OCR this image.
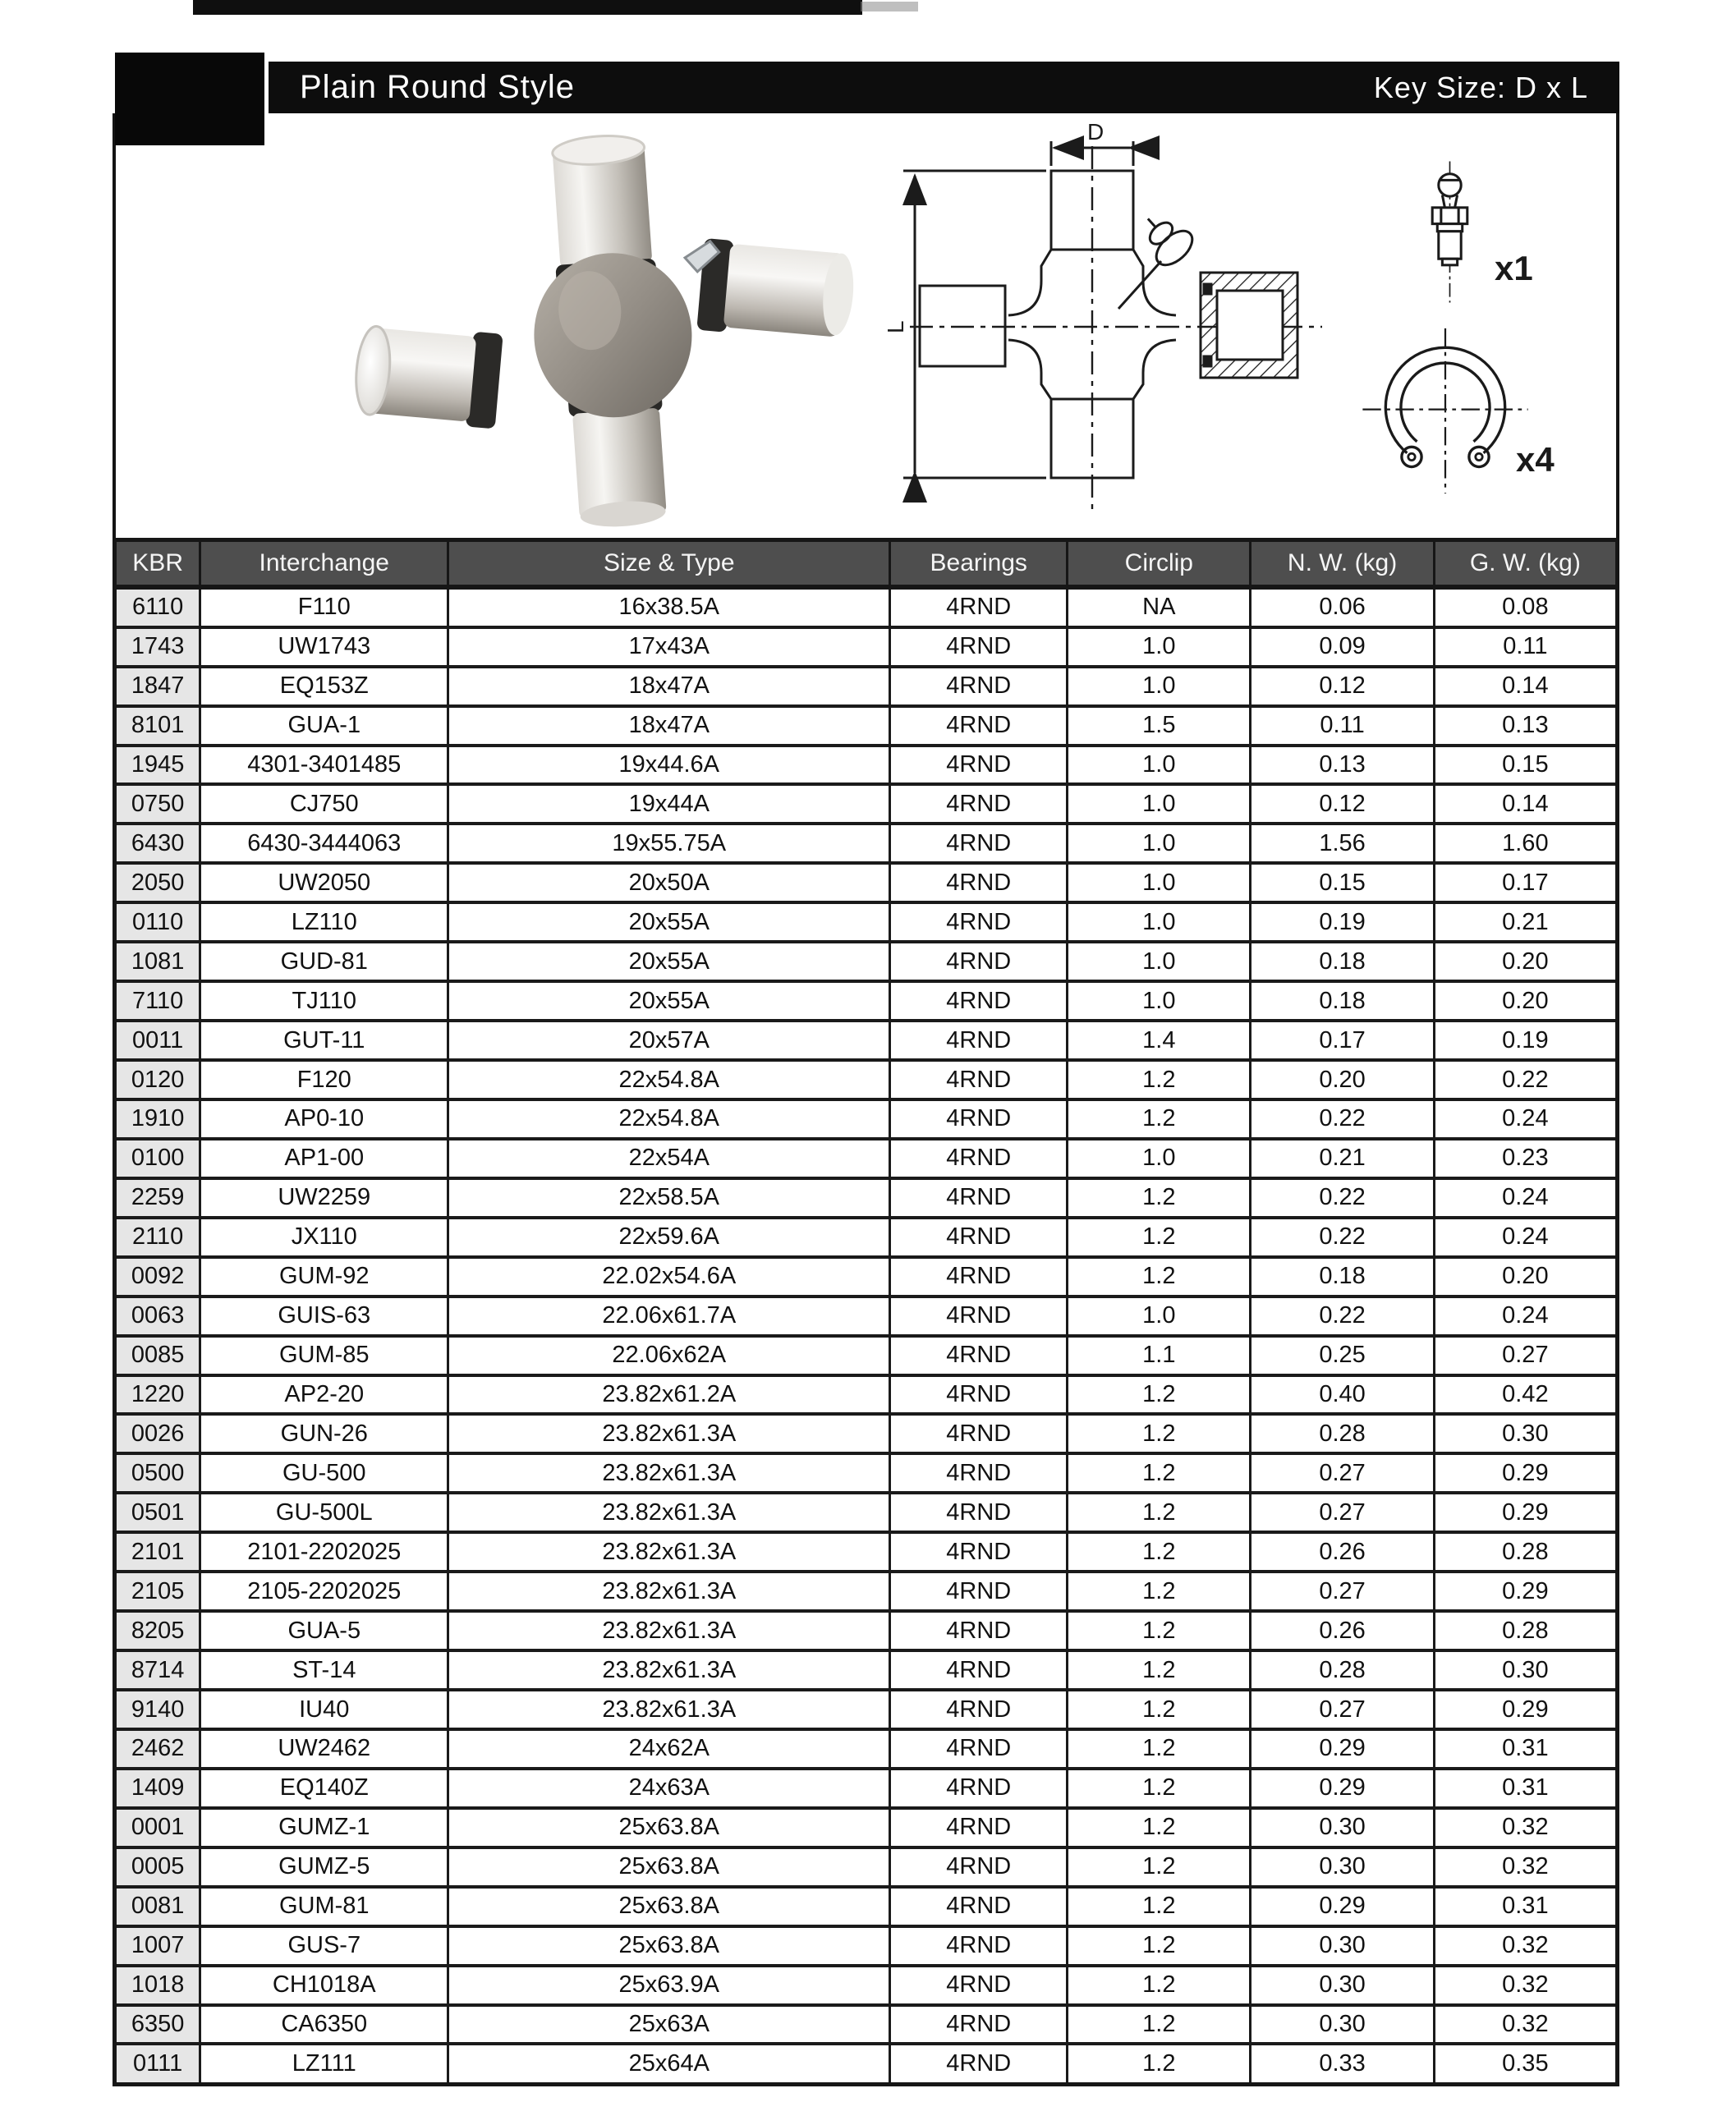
Plain Round Style	Key Size: D x L
D
L
x1
x4
KBR	Interchange	Size & Type	Bearings	Circlip	N. W. (kg)	G. W. (kg)
6110	F110	16x38.5A	4RND	NA	0.06	0.08
1743	UW1743	17x43A	4RND	1.0	0.09	0.11
1847	EQ153Z	18x47A	4RND	1.0	0.12	0.14
8101	GUA-1	18x47A	4RND	1.5	0.11	0.13
1945	4301-3401485	19x44.6A	4RND	1.0	0.13	0.15
0750	CJ750	19x44A	4RND	1.0	0.12	0.14
6430	6430-3444063	19x55.75A	4RND	1.0	1.56	1.60
2050	UW2050	20x50A	4RND	1.0	0.15	0.17
0110	LZ110	20x55A	4RND	1.0	0.19	0.21
1081	GUD-81	20x55A	4RND	1.0	0.18	0.20
7110	TJ110	20x55A	4RND	1.0	0.18	0.20
0011	GUT-11	20x57A	4RND	1.4	0.17	0.19
0120	F120	22x54.8A	4RND	1.2	0.20	0.22
1910	AP0-10	22x54.8A	4RND	1.2	0.22	0.24
0100	AP1-00	22x54A	4RND	1.0	0.21	0.23
2259	UW2259	22x58.5A	4RND	1.2	0.22	0.24
2110	JX110	22x59.6A	4RND	1.2	0.22	0.24
0092	GUM-92	22.02x54.6A	4RND	1.2	0.18	0.20
0063	GUIS-63	22.06x61.7A	4RND	1.0	0.22	0.24
0085	GUM-85	22.06x62A	4RND	1.1	0.25	0.27
1220	AP2-20	23.82x61.2A	4RND	1.2	0.40	0.42
0026	GUN-26	23.82x61.3A	4RND	1.2	0.28	0.30
0500	GU-500	23.82x61.3A	4RND	1.2	0.27	0.29
0501	GU-500L	23.82x61.3A	4RND	1.2	0.27	0.29
2101	2101-2202025	23.82x61.3A	4RND	1.2	0.26	0.28
2105	2105-2202025	23.82x61.3A	4RND	1.2	0.27	0.29
8205	GUA-5	23.82x61.3A	4RND	1.2	0.26	0.28
8714	ST-14	23.82x61.3A	4RND	1.2	0.28	0.30
9140	IU40	23.82x61.3A	4RND	1.2	0.27	0.29
2462	UW2462	24x62A	4RND	1.2	0.29	0.31
1409	EQ140Z	24x63A	4RND	1.2	0.29	0.31
0001	GUMZ-1	25x63.8A	4RND	1.2	0.30	0.32
0005	GUMZ-5	25x63.8A	4RND	1.2	0.30	0.32
0081	GUM-81	25x63.8A	4RND	1.2	0.29	0.31
1007	GUS-7	25x63.8A	4RND	1.2	0.30	0.32
1018	CH1018A	25x63.9A	4RND	1.2	0.30	0.32
6350	CA6350	25x63A	4RND	1.2	0.30	0.32
0111	LZ111	25x64A	4RND	1.2	0.33	0.35
